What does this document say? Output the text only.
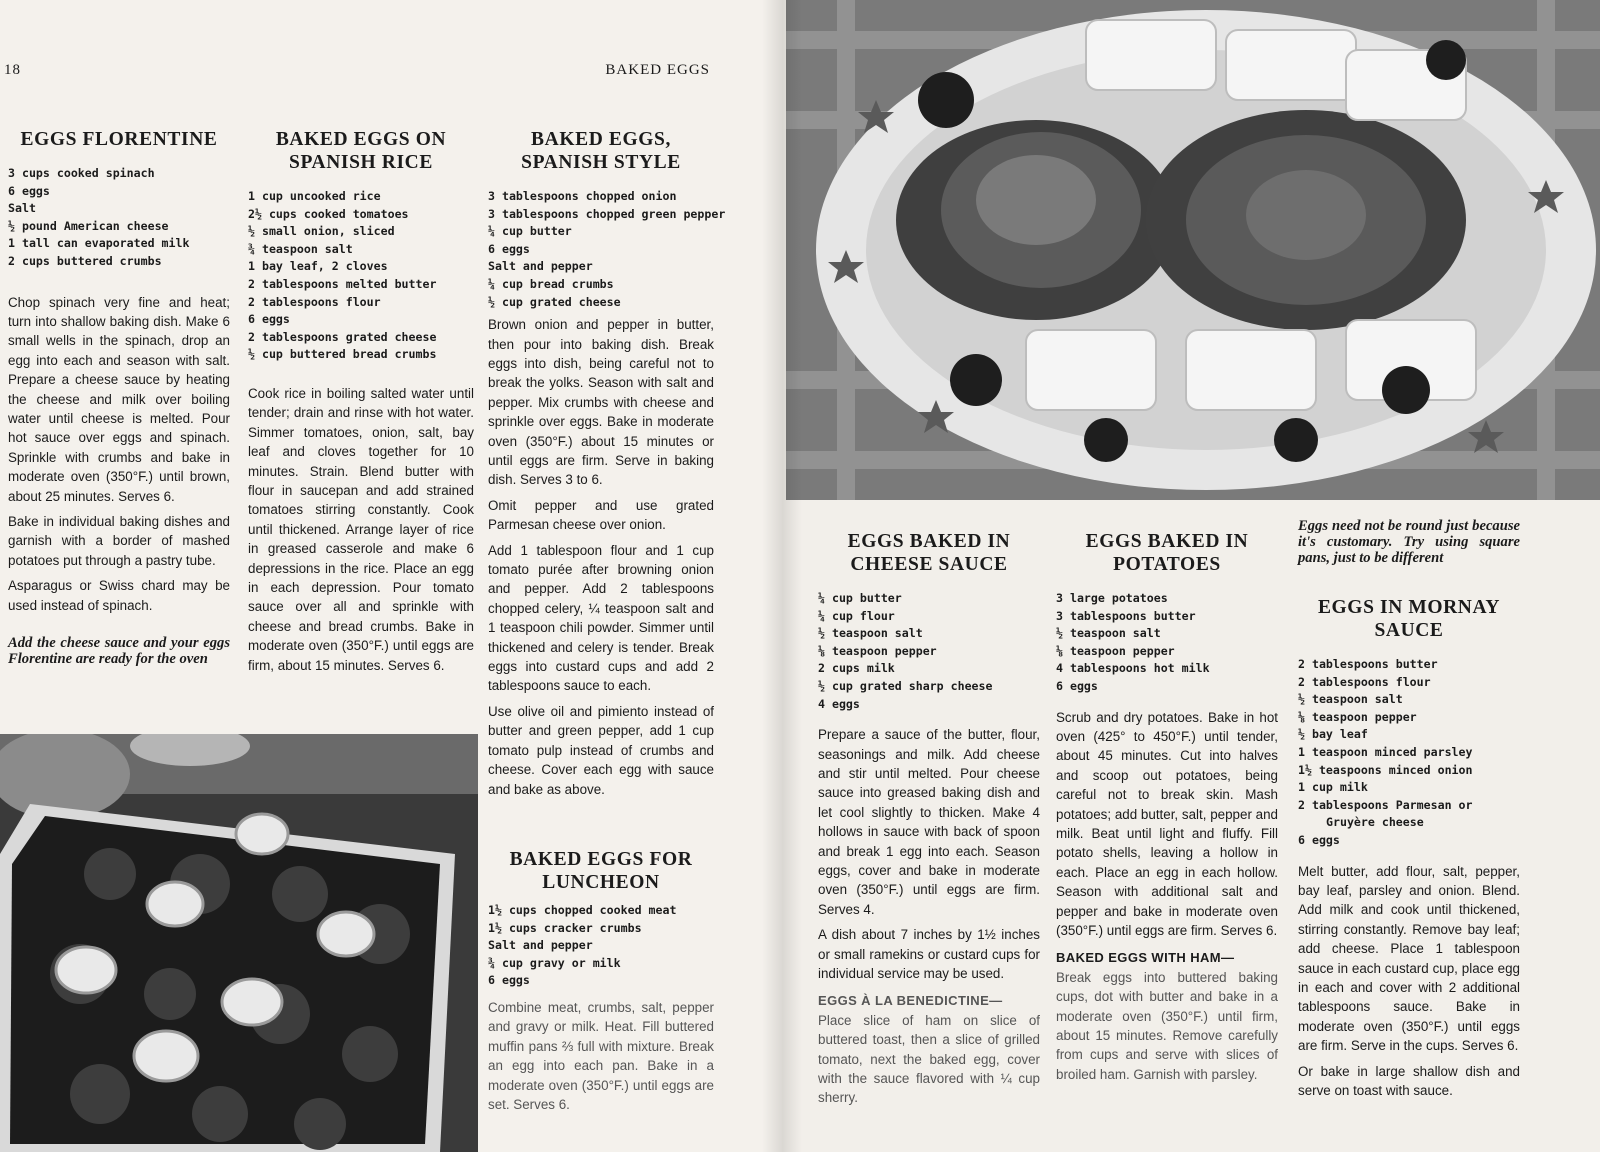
18	BAKED EGGS
EGGS FLORENTINE
3 cups cooked spinach
6 eggs
Salt
½ pound American cheese
1 tall can evaporated milk
2 cups buttered crumbs

Chop spinach very fine and heat; turn into shallow baking dish. Make 6 small wells in the spinach, drop an egg into each and season with salt. Prepare a cheese sauce by heating the cheese and milk over boiling water until cheese is melted. Pour hot sauce over eggs and spinach. Sprinkle with crumbs and bake in moderate oven (350°F.) until brown, about 25 minutes. Serves 6.

Bake in individual baking dishes and garnish with a border of mashed potatoes put through a pastry tube.

Asparagus or Swiss chard may be used instead of spinach.

Add the cheese sauce and your eggs Florentine are ready for the oven

BAKED EGGS ON SPANISH RICE
1 cup uncooked rice
2½ cups cooked tomatoes
½ small onion, sliced
¾ teaspoon salt
1 bay leaf, 2 cloves
2 tablespoons melted butter
2 tablespoons flour
6 eggs
2 tablespoons grated cheese
½ cup buttered bread crumbs

Cook rice in boiling salted water until tender; drain and rinse with hot water. Simmer tomatoes, onion, salt, bay leaf and cloves together for 10 minutes. Strain. Blend butter with flour in saucepan and add strained tomatoes stirring constantly. Cook until thickened. Arrange layer of rice in greased casserole and make 6 depressions in the rice. Place an egg in each depression. Pour tomato sauce over all and sprinkle with cheese and bread crumbs. Bake in moderate oven (350°F.) until eggs are firm, about 15 minutes. Serves 6.

BAKED EGGS, SPANISH STYLE
3 tablespoons chopped onion
3 tablespoons chopped green pepper
¼ cup butter
6 eggs
Salt and pepper
¼ cup bread crumbs
½ cup grated cheese

Brown onion and pepper in butter, then pour into baking dish. Break eggs into dish, being careful not to break the yolks. Season with salt and pepper. Mix crumbs with cheese and sprinkle over eggs. Bake in moderate oven (350°F.) about 15 minutes or until eggs are firm. Serve in baking dish. Serves 3 to 6.

Omit pepper and use grated Parmesan cheese over onion.

Add 1 tablespoon flour and 1 cup tomato purée after browning onion and pepper. Add 2 tablespoons chopped celery, ¼ teaspoon salt and 1 teaspoon chili powder. Simmer until thickened and celery is tender. Break eggs into custard cups and add 2 tablespoons sauce to each.

Use olive oil and pimiento instead of butter and green pepper, add 1 cup tomato pulp instead of crumbs and cheese. Cover each egg with sauce and bake as above.

BAKED EGGS FOR LUNCHEON
1½ cups chopped cooked meat
1½ cups cracker crumbs
Salt and pepper
¾ cup gravy or milk
6 eggs

Combine meat, crumbs, salt, pepper and gravy or milk. Heat. Fill buttered muffin pans ⅔ full with mixture. Break an egg into each pan. Bake in a moderate oven (350°F.) until eggs are set. Serves 6.

EGGS BAKED IN CHEESE SAUCE
¼ cup butter
¼ cup flour
½ teaspoon salt
⅛ teaspoon pepper
2 cups milk
½ cup grated sharp cheese
4 eggs

Prepare a sauce of the butter, flour, seasonings and milk. Add cheese and stir until melted. Pour cheese sauce into greased baking dish and let cool slightly to thicken. Make 4 hollows in sauce with back of spoon and break 1 egg into each. Season eggs, cover and bake in moderate oven (350°F.) until eggs are firm. Serves 4.

A dish about 7 inches by 1½ inches or small ramekins or custard cups for individual service may be used.

EGGS À LA BENEDICTINE—
Place slice of ham on slice of buttered toast, then a slice of grilled tomato, next the baked egg, cover with the sauce flavored with ¼ cup sherry.

EGGS BAKED IN POTATOES
3 large potatoes
3 tablespoons butter
½ teaspoon salt
⅛ teaspoon pepper
4 tablespoons hot milk
6 eggs

Scrub and dry potatoes. Bake in hot oven (425° to 450°F.) until tender, about 45 minutes. Cut into halves and scoop out potatoes, being careful not to break skin. Mash potatoes; add butter, salt, pepper and milk. Beat until light and fluffy. Fill potato shells, leaving a hollow in each. Place an egg in each hollow. Season with additional salt and pepper and bake in moderate oven (350°F.) until eggs are firm. Serves 6.

BAKED EGGS WITH HAM—
Break eggs into buttered baking cups, dot with butter and bake in a moderate oven (350°F.) until firm, about 15 minutes. Remove carefully from cups and serve with slices of broiled ham. Garnish with parsley.

Eggs need not be round just because it's customary. Try using square pans, just to be different

EGGS IN MORNAY SAUCE
2 tablespoons butter
2 tablespoons flour
½ teaspoon salt
⅛ teaspoon pepper
½ bay leaf
1 teaspoon minced parsley
1½ teaspoons minced onion
1 cup milk
2 tablespoons Parmesan or
Gruyère cheese
6 eggs

Melt butter, add flour, salt, pepper, bay leaf, parsley and onion. Blend. Add milk and cook until thickened, stirring constantly. Remove bay leaf; add cheese. Place 1 tablespoon sauce in each custard cup, place egg in each and cover with 2 additional tablespoons sauce. Bake in moderate oven (350°F.) until eggs are firm. Serve in the cups. Serves 6.

Or bake in large shallow dish and serve on toast with sauce.
